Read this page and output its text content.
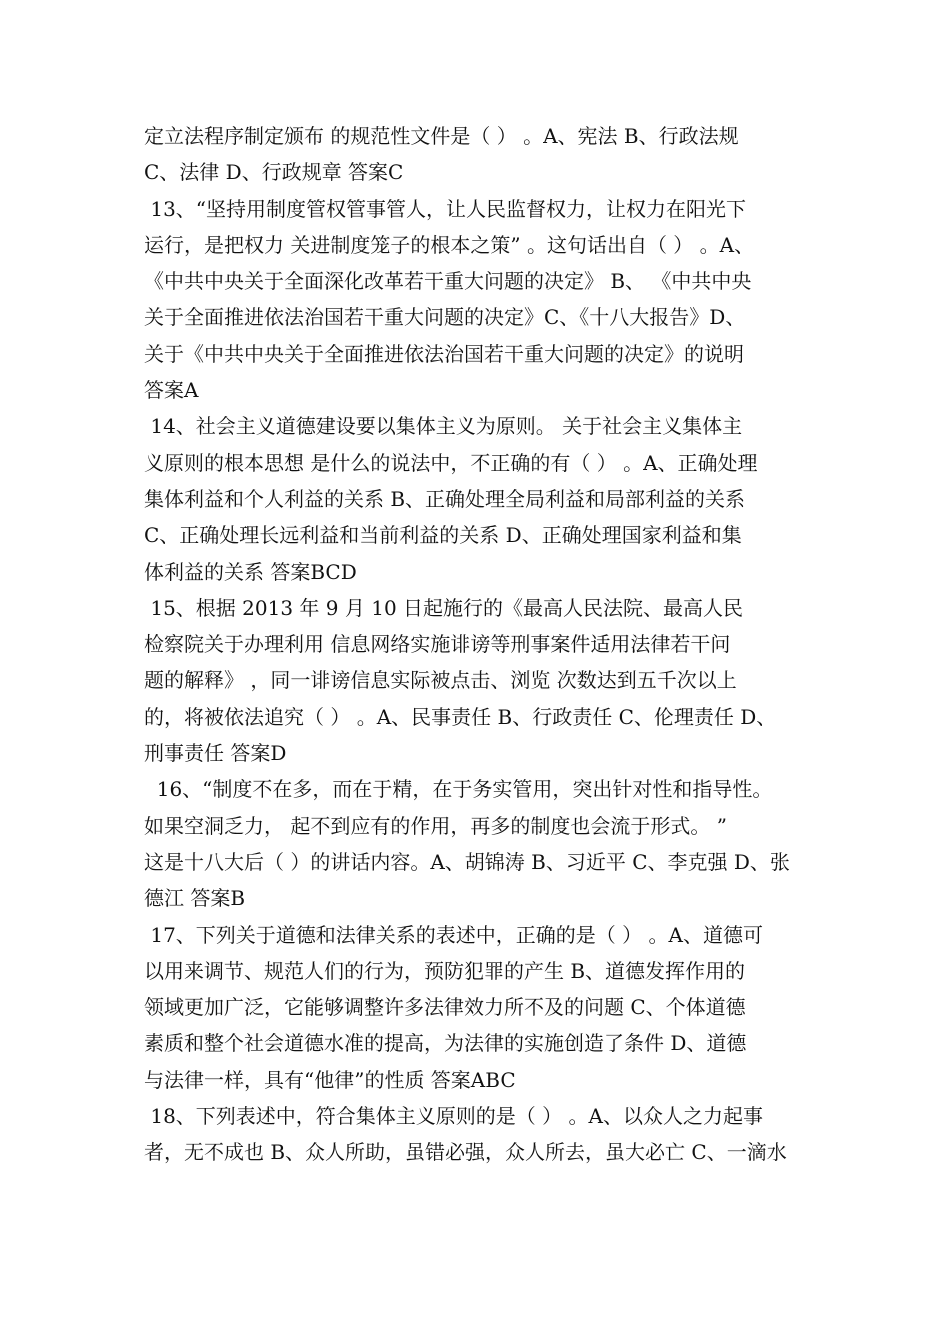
定立法程序制定颁布 的规范性文件是（ ） 。A、宪法 B、行政法规
C、法律 D、行政规章 答案C
13、“坚持用制度管权管事管人，让人民监督权力，让权力在阳光下
运行，是把权力 关进制度笼子的根本之策” 。这句话出自（ ） 。A、
《中共中央关于全面深化改革若干重大问题的决定》 B、 《中共中央
关于全面推进依法治国若干重大问题的决定》C、《十八大报告》D、
关于《中共中央关于全面推进依法治国若干重大问题的决定》的说明
答案A
14、社会主义道德建设要以集体主义为原则。 关于社会主义集体主
义原则的根本思想 是什么的说法中，不正确的有（ ） 。A、正确处理
集体利益和个人利益的关系 B、正确处理全局利益和局部利益的关系
C、正确处理长远利益和当前利益的关系 D、正确处理国家利益和集
体利益的关系 答案BCD
15、根据 2013 年 9 月 10 日起施行的《最高人民法院、最高人民
检察院关于办理利用 信息网络实施诽谤等刑事案件适用法律若干问
题的解释》 ，同一诽谤信息实际被点击、浏览 次数达到五千次以上
的，将被依法追究（ ） 。A、民事责任 B、行政责任 C、伦理责任 D、
刑事责任 答案D
16、“制度不在多，而在于精，在于务实管用，突出针对性和指导性。
如果空洞乏力， 起不到应有的作用，再多的制度也会流于形式。 ”
这是十八大后（ ）的讲话内容。A、胡锦涛 B、习近平 C、李克强 D、张
德江 答案B
17、下列关于道德和法律关系的表述中，正确的是（ ） 。A、道德可
以用来调节、规范人们的行为，预防犯罪的产生 B、道德发挥作用的
领域更加广泛，它能够调整许多法律效力所不及的问题 C、个体道德
素质和整个社会道德水准的提高，为法律的实施创造了条件 D、道德
与法律一样，具有“他律”的性质 答案ABC
18、下列表述中，符合集体主义原则的是（ ） 。A、以众人之力起事
者，无不成也 B、众人所助，虽错必强，众人所去，虽大必亡 C、一滴水
